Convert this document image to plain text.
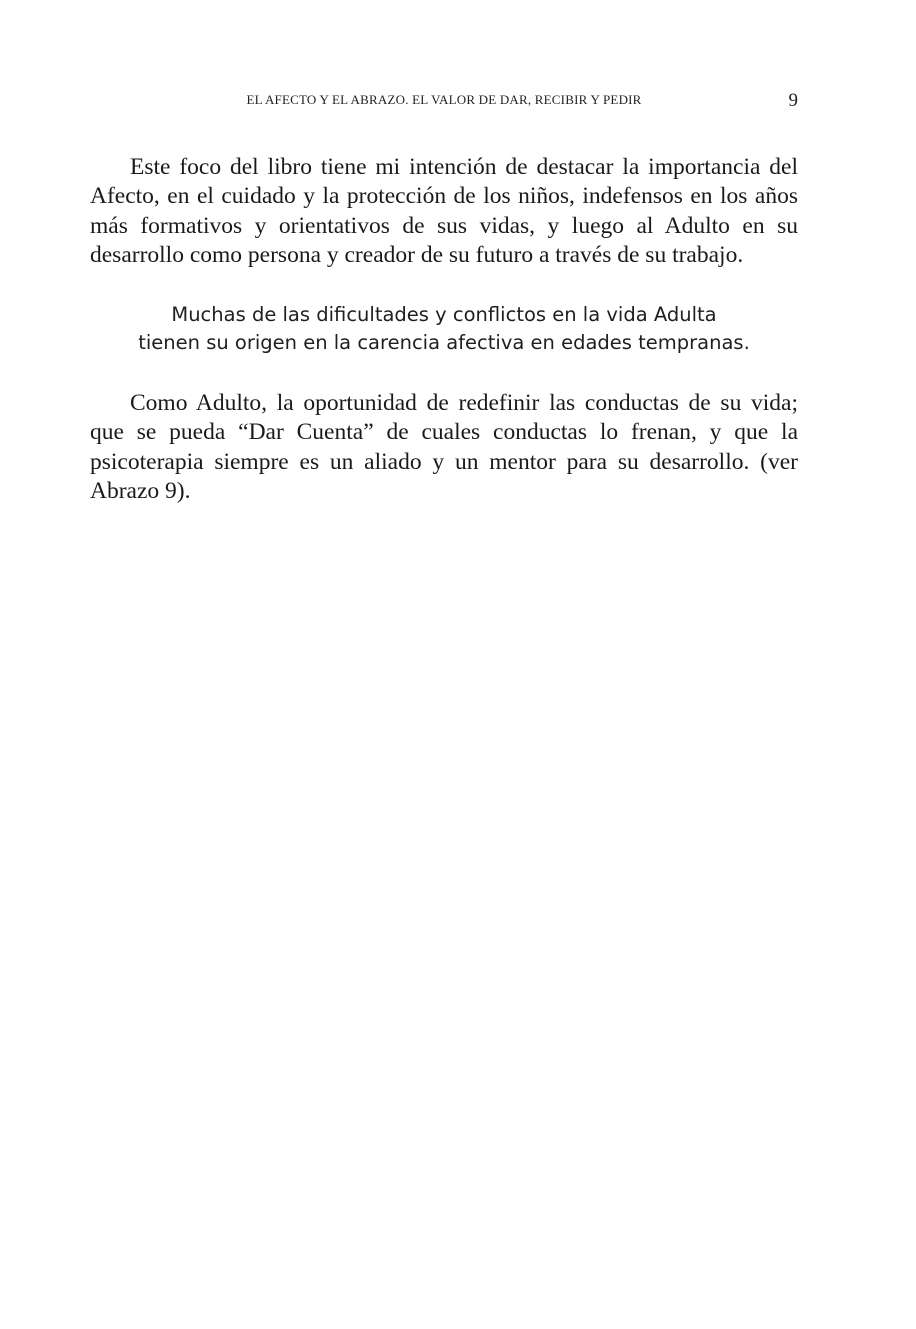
EL AFECTO Y EL ABRAZO. EL VALOR DE DAR, RECIBIR Y PEDIR	9

Este foco del libro tiene mi intención de destacar la importancia del Afecto, en el cuidado y la protección de los niños, indefensos en los años más formativos y orientativos de sus vidas, y luego al Adulto en su desarrollo como persona y creador de su futuro a través de su trabajo.

Muchas de las dificultades y conflictos en la vida Adulta
tienen su origen en la carencia afectiva en edades tempranas.

Como Adulto, la oportunidad de redefinir las conductas de su vida; que se pueda “Dar Cuenta” de cuales conductas lo frenan, y que la psicoterapia siempre es un aliado y un mentor para su desarrollo. (ver Abrazo 9).
